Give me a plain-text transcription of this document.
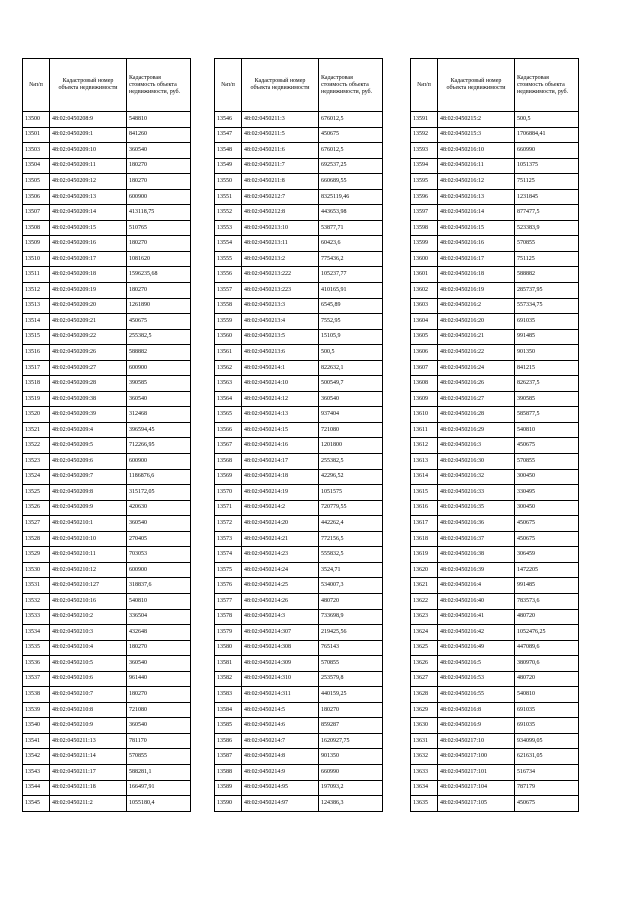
№п/п	Кадастровый номер объекта недвижимости	Кадастровая стоимость объекта недвижимости, руб.
13500	48:02:0450208:9	548810
13501	48:02:0450209:1	841260
13503	48:02:0450209:10	360540
13504	48:02:0450209:11	180270
13505	48:02:0450209:12	180270
13506	48:02:0450209:13	600900
13507	48:02:0450209:14	413118,75
13508	48:02:0450209:15	510765
13509	48:02:0450209:16	180270
13510	48:02:0450209:17	1081620
13511	48:02:0450209:18	1596235,68
13512	48:02:0450209:19	180270
13513	48:02:0450209:20	1261890
13514	48:02:0450209:21	450675
13515	48:02:0450209:22	255382,5
13516	48:02:0450209:26	588882
13517	48:02:0450209:27	600900
13518	48:02:0450209:28	390585
13519	48:02:0450209:38	360540
13520	48:02:0450209:39	312468
13521	48:02:0450209:4	396594,45
13522	48:02:0450209:5	712266,95
13523	48:02:0450209:6	600900
13524	48:02:0450209:7	1186876,6
13525	48:02:0450209:8	315172,05
13526	48:02:0450209:9	420630
13527	48:02:0450210:1	360540
13528	48:02:0450210:10	270405
13529	48:02:0450210:11	703053
13530	48:02:0450210:12	600900
13531	48:02:0450210:127	318837,6
13532	48:02:0450210:16	540810
13533	48:02:0450210:2	336504
13534	48:02:0450210:3	432648
13535	48:02:0450210:4	180270
13536	48:02:0450210:5	360540
13537	48:02:0450210:6	961440
13538	48:02:0450210:7	180270
13539	48:02:0450210:8	721080
13540	48:02:0450210:9	360540
13541	48:02:0450211:13	781170
13542	48:02:0450211:14	570855
13543	48:02:0450211:17	588281,1
13544	48:02:0450211:18	166497,91
13545	48:02:0450211:2	1055180,4
№п/п	Кадастровый номер объекта недвижимости	Кадастровая стоимость объекта недвижимости, руб.
13546	48:02:0450211:3	676012,5
13547	48:02:0450211:5	450675
13548	48:02:0450211:6	676012,5
13549	48:02:0450211:7	692537,25
13550	48:02:0450211:8	660689,55
13551	48:02:0450212:7	8325119,46
13552	48:02:0450212:8	443653,98
13553	48:02:0450213:10	53877,71
13554	48:02:0450213:11	60423,6
13555	48:02:0450213:2	775436,2
13556	48:02:0450213:222	105237,77
13557	48:02:0450213:223	410165,91
13558	48:02:0450213:3	6545,89
13559	48:02:0450213:4	7552,95
13560	48:02:0450213:5	15105,9
13561	48:02:0450213:6	500,5
13562	48:02:0450214:1	822632,1
13563	48:02:0450214:10	500549,7
13564	48:02:0450214:12	360540
13565	48:02:0450214:13	937404
13566	48:02:0450214:15	721080
13567	48:02:0450214:16	1201800
13568	48:02:0450214:17	255382,5
13569	48:02:0450214:18	42296,52
13570	48:02:0450214:19	1051575
13571	48:02:0450214:2	720779,55
13572	48:02:0450214:20	442262,4
13573	48:02:0450214:21	772156,5
13574	48:02:0450214:23	555832,5
13575	48:02:0450214:24	3524,71
13576	48:02:0450214:25	534007,3
13577	48:02:0450214:26	480720
13578	48:02:0450214:3	733698,9
13579	48:02:0450214:307	219425,56
13580	48:02:0450214:308	765143
13581	48:02:0450214:309	570855
13582	48:02:0450214:310	253579,8
13583	48:02:0450214:311	440159,25
13584	48:02:0450214:5	180270
13585	48:02:0450214:6	859287
13586	48:02:0450214:7	1620927,75
13587	48:02:0450214:8	901350
13588	48:02:0450214:9	660990
13589	48:02:0450214:95	197093,2
13590	48:02:0450214:97	124386,3
№п/п	Кадастровый номер объекта недвижимости	Кадастровая стоимость объекта недвижимости, руб.
13591	48:02:0450215:2	500,5
13592	48:02:0450215:3	1706884,41
13593	48:02:0450216:10	660990
13594	48:02:0450216:11	1051375
13595	48:02:0450216:12	751125
13596	48:02:0450216:13	1231845
13597	48:02:0450216:14	877477,5
13598	48:02:0450216:15	523383,9
13599	48:02:0450216:16	570855
13600	48:02:0450216:17	751125
13601	48:02:0450216:18	588882
13602	48:02:0450216:19	285737,95
13603	48:02:0450216:2	557334,75
13604	48:02:0450216:20	691035
13605	48:02:0450216:21	991485
13606	48:02:0450216:22	901350
13607	48:02:0450216:24	841215
13608	48:02:0450216:26	826237,5
13609	48:02:0450216:27	390585
13610	48:02:0450216:28	585877,5
13611	48:02:0450216:29	540810
13612	48:02:0450216:3	450675
13613	48:02:0450216:30	570855
13614	48:02:0450216:32	300450
13615	48:02:0450216:33	330495
13616	48:02:0450216:35	300450
13617	48:02:0450216:36	450675
13618	48:02:0450216:37	450675
13619	48:02:0450216:38	306459
13620	48:02:0450216:39	1472205
13621	48:02:0450216:4	991485
13622	48:02:0450216:40	783573,6
13623	48:02:0450216:41	480720
13624	48:02:0450216:42	1052476,25
13625	48:02:0450216:49	447089,6
13626	48:02:0450216:5	380970,6
13627	48:02:0450216:53	480720
13628	48:02:0450216:55	540810
13629	48:02:0450216:8	691035
13630	48:02:0450216:9	691035
13631	48:02:0450217:10	934099,05
13632	48:02:0450217:100	621631,05
13633	48:02:0450217:101	516734
13634	48:02:0450217:104	787179
13635	48:02:0450217:105	450675
